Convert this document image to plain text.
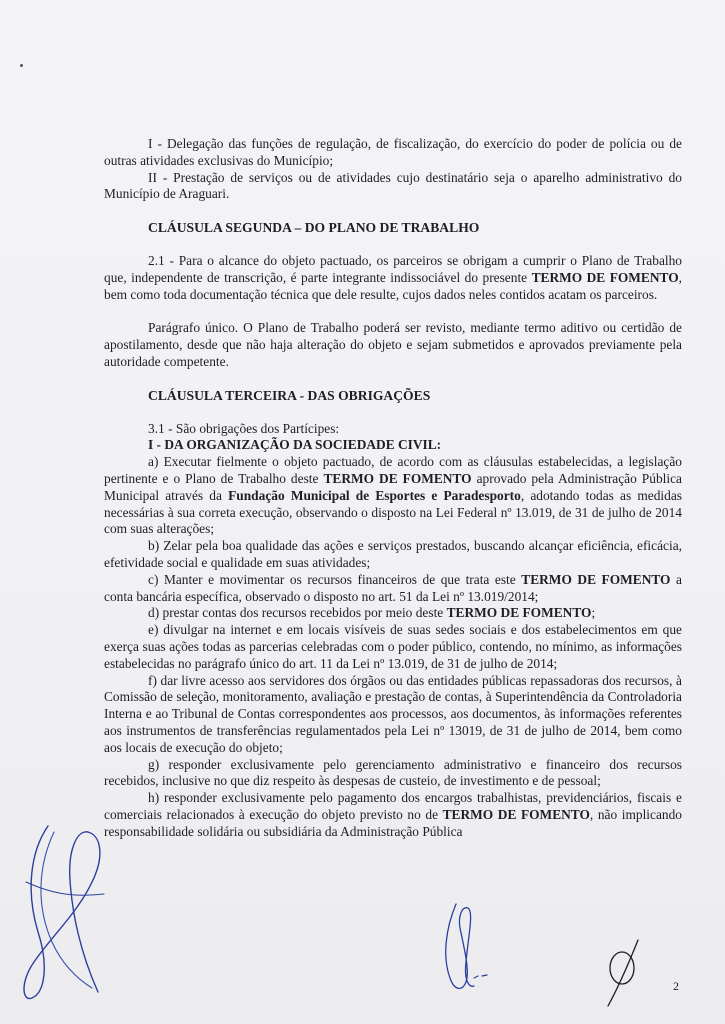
I - Delegação das funções de regulação, de fiscalização, do exercício do poder de polícia ou de outras atividades exclusivas do Município;

II - Prestação de serviços ou de atividades cujo destinatário seja o aparelho administrativo do Município de Araguari.

CLÁUSULA SEGUNDA – DO PLANO DE TRABALHO

2.1 - Para o alcance do objeto pactuado, os parceiros se obrigam a cumprir o Plano de Trabalho que, independente de transcrição, é parte integrante indissociável do presente TERMO DE FOMENTO, bem como toda documentação técnica que dele resulte, cujos dados neles contidos acatam os parceiros.

Parágrafo único. O Plano de Trabalho poderá ser revisto, mediante termo aditivo ou certidão de apostilamento, desde que não haja alteração do objeto e sejam submetidos e aprovados previamente pela autoridade competente.

CLÁUSULA TERCEIRA - DAS OBRIGAÇÕES

3.1 - São obrigações dos Partícipes:

I - DA ORGANIZAÇÃO DA SOCIEDADE CIVIL:

a) Executar fielmente o objeto pactuado, de acordo com as cláusulas estabelecidas, a legislação pertinente e o Plano de Trabalho deste TERMO DE FOMENTO aprovado pela Administração Pública Municipal através da Fundação Municipal de Esportes e Paradesporto, adotando todas as medidas necessárias à sua correta execução, observando o disposto na Lei Federal nº 13.019, de 31 de julho de 2014 com suas alterações;

b) Zelar pela boa qualidade das ações e serviços prestados, buscando alcançar eficiência, eficácia, efetividade social e qualidade em suas atividades;

c) Manter e movimentar os recursos financeiros de que trata este TERMO DE FOMENTO a conta bancária específica, observado o disposto no art. 51 da Lei nº 13.019/2014;

d) prestar contas dos recursos recebidos por meio deste TERMO DE FOMENTO;

e) divulgar na internet e em locais visíveis de suas sedes sociais e dos estabelecimentos em que exerça suas ações todas as parcerias celebradas com o poder público, contendo, no mínimo, as informações estabelecidas no parágrafo único do art. 11 da Lei nº 13.019, de 31 de julho de 2014;

f) dar livre acesso aos servidores dos órgãos ou das entidades públicas repassadoras dos recursos, à Comissão de seleção, monitoramento, avaliação e prestação de contas, à Superintendência da Controladoria Interna e ao Tribunal de Contas correspondentes aos processos, aos documentos, às informações referentes aos instrumentos de transferências regulamentados pela Lei nº 13019, de 31 de julho de 2014, bem como aos locais de execução do objeto;

g) responder exclusivamente pelo gerenciamento administrativo e financeiro dos recursos recebidos, inclusive no que diz respeito às despesas de custeio, de investimento e de pessoal;

h) responder exclusivamente pelo pagamento dos encargos trabalhistas, previdenciários, fiscais e comerciais relacionados à execução do objeto previsto no de TERMO DE FOMENTO, não implicando responsabilidade solidária ou subsidiária da Administração Pública

2
